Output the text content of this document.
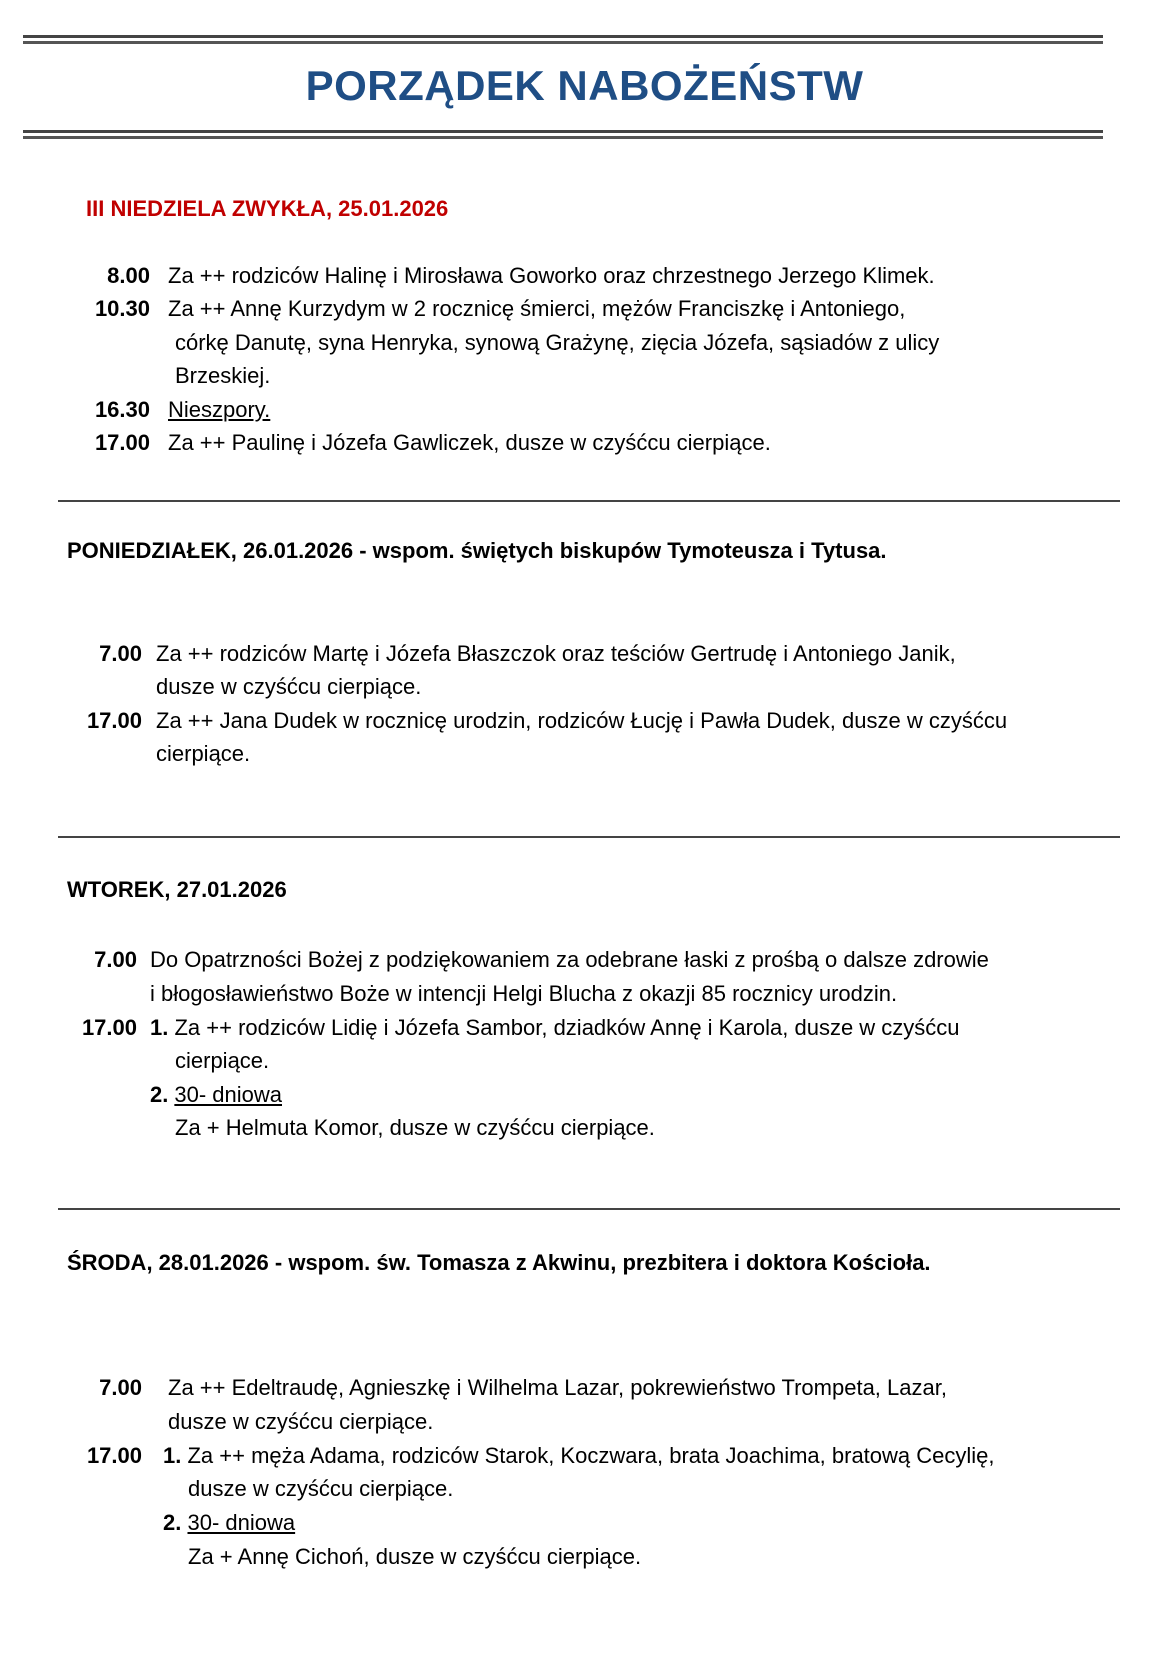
PORZĄDEK NABOŻEŃSTW
III NIEDZIELA ZWYKŁA, 25.01.2026
8.00 Za ++ rodziców Halinę i Mirosława Goworko oraz chrzestnego Jerzego Klimek.
10.30 Za ++ Annę Kurzydym w 2 rocznicę śmierci, mężów Franciszkę i Antoniego,
córkę Danutę, syna Henryka, synową Grażynę, zięcia Józefa, sąsiadów z ulicy
Brzeskiej.
16.30 Nieszpory.
17.00 Za ++ Paulinę i Józefa Gawliczek, dusze w czyśćcu cierpiące.
PONIEDZIAŁEK, 26.01.2026 - wspom. świętych biskupów Tymoteusza i Tytusa.
7.00 Za ++ rodziców Martę i Józefa Błaszczok oraz teściów Gertrudę i Antoniego Janik,
dusze w czyśćcu cierpiące.
17.00 Za ++ Jana Dudek w rocznicę urodzin, rodziców Łucję i Pawła Dudek, dusze w czyśćcu
cierpiące.
WTOREK, 27.01.2026
7.00 Do Opatrzności Bożej z podziękowaniem za odebrane łaski z prośbą o dalsze zdrowie
i błogosławieństwo Boże w intencji Helgi Blucha z okazji 85 rocznicy urodzin.
17.00 1. Za ++ rodziców Lidię i Józefa Sambor, dziadków Annę i Karola, dusze w czyśćcu
cierpiące.
2. 30- dniowa
Za + Helmuta Komor, dusze w czyśćcu cierpiące.
ŚRODA, 28.01.2026 - wspom. św. Tomasza z Akwinu, prezbitera i doktora Kościoła.
7.00 Za ++ Edeltraudę, Agnieszkę i Wilhelma Lazar, pokrewieństwo Trompeta, Lazar,
dusze w czyśćcu cierpiące.
17.00 1. Za ++ męża Adama, rodziców Starok, Koczwara, brata Joachima, bratową Cecylię,
dusze w czyśćcu cierpiące.
2. 30- dniowa
Za + Annę Cichoń, dusze w czyśćcu cierpiące.
